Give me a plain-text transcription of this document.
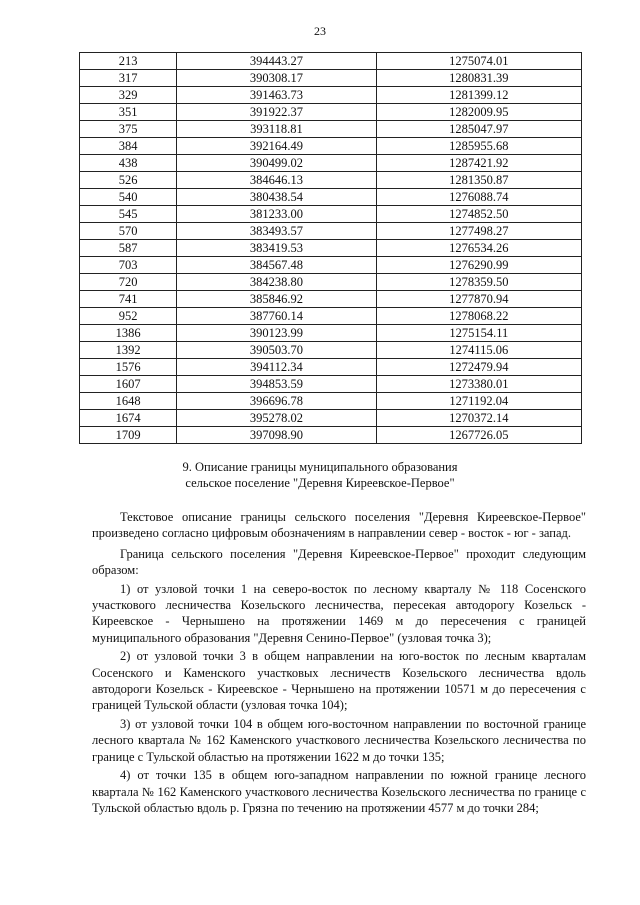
23
213	394443.27	1275074.01
317	390308.17	1280831.39
329	391463.73	1281399.12
351	391922.37	1282009.95
375	393118.81	1285047.97
384	392164.49	1285955.68
438	390499.02	1287421.92
526	384646.13	1281350.87
540	380438.54	1276088.74
545	381233.00	1274852.50
570	383493.57	1277498.27
587	383419.53	1276534.26
703	384567.48	1276290.99
720	384238.80	1278359.50
741	385846.92	1277870.94
952	387760.14	1278068.22
1386	390123.99	1275154.11
1392	390503.70	1274115.06
1576	394112.34	1272479.94
1607	394853.59	1273380.01
1648	396696.78	1271192.04
1674	395278.02	1270372.14
1709	397098.90	1267726.05
9. Описание границы муниципального образования
сельское поселение "Деревня Киреевское-Первое"

Текстовое описание границы сельского поселения "Деревня Киреевское-Первое" произведено согласно цифровым обозначениям в направлении север - восток - юг - запад.

Граница сельского поселения "Деревня Киреевское-Первое" проходит следующим образом:

1) от узловой точки 1 на северо-восток по лесному кварталу № 118 Сосенского участкового лесничества Козельского лесничества, пересекая автодорогу Козельск - Киреевское - Чернышено на протяжении 1469 м до пересечения с границей муниципального образования "Деревня Сенино-Первое" (узловая точка 3);

2) от узловой точки 3 в общем направлении на юго-восток по лесным кварталам Сосенского и Каменского участковых лесничеств Козельского лесничества вдоль автодороги Козельск - Киреевское - Чернышено на протяжении 10571 м до пересечения с границей Тульской области (узловая точка 104);

3) от узловой точки 104 в общем юго-восточном направлении по восточной границе лесного квартала № 162 Каменского участкового лесничества Козельского лесничества по границе с Тульской областью на протяжении 1622 м до точки 135;

4) от точки 135 в общем юго-западном направлении по южной границе лесного квартала № 162 Каменского участкового лесничества Козельского лесничества по границе с Тульской областью вдоль р. Грязна по течению на протяжении 4577 м до точки 284;
